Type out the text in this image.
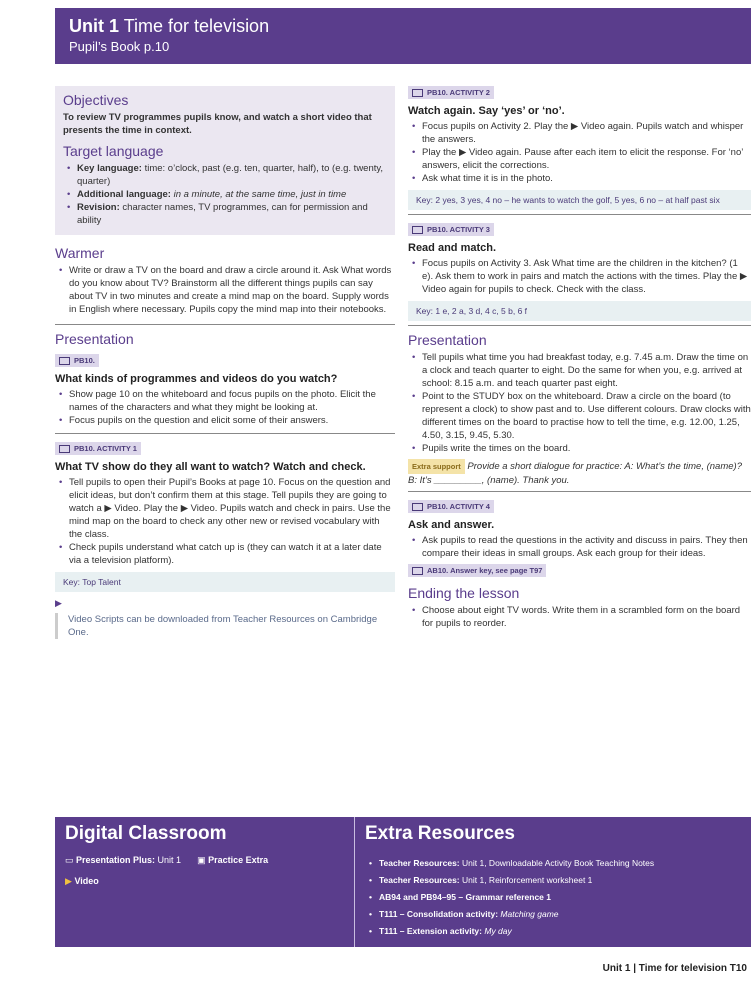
Unit 1 Time for television
Pupil’s Book p.10
Objectives

To review TV programmes pupils know, and watch a short video that presents the time in context.

Target language
• Key language: time: o’clock, past (e.g. ten, quarter, half), to (e.g. twenty, quarter)
• Additional language: in a minute, at the same time, just in time
• Revision: character names, TV programmes, can for permission and ability
Warmer
• Write or draw a TV on the board and draw a circle around it. Ask What words do you know about TV? Brainstorm all the different things pupils can say about TV in two minutes and create a mind map on the board. Supply words in English where necessary. Pupils copy the mind map into their notebooks.
Presentation
PB10.
What kinds of programmes and videos do you watch?
• Show page 10 on the whiteboard and focus pupils on the photo. Elicit the names of the characters and what they might be looking at.
• Focus pupils on the question and elicit some of their answers.
PB10. ACTIVITY 1
What TV show do they all want to watch? Watch and check.
• Tell pupils to open their Pupil’s Books at page 10. Focus on the question and elicit ideas, but don’t confirm them at this stage. Tell pupils they are going to watch a ▶ Video. Play the ▶ Video. Pupils watch and check in pairs. Use the mind map on the board to check any other new or revised vocabulary with the class.
• Check pupils understand what catch up is (they can watch it at a later date via a television platform).
Key: Top Talent
▶
Video Scripts can be downloaded from Teacher Resources on Cambridge One.
PB10. ACTIVITY 2
Watch again. Say ‘yes’ or ‘no’.
• Focus pupils on Activity 2. Play the ▶ Video again. Pupils watch and whisper the answers.
• Play the ▶ Video again. Pause after each item to elicit the response. For ‘no’ answers, elicit the corrections.
• Ask what time it is in the photo.
Key: 2 yes, 3 yes, 4 no – he wants to watch the golf, 5 yes, 6 no – at half past six
PB10. ACTIVITY 3
Read and match.
• Focus pupils on Activity 3. Ask What time are the children in the kitchen? (1 e). Ask them to work in pairs and match the actions with the times. Play the ▶ Video again for pupils to check. Check with the class.
Key: 1 e, 2 a, 3 d, 4 c, 5 b, 6 f
Presentation
• Tell pupils what time you had breakfast today, e.g. 7.45 a.m. Draw the time on a clock and teach quarter to eight. Do the same for when you, e.g. arrived at school: 8.15 a.m. and teach quarter past eight.
• Point to the STUDY box on the whiteboard. Draw a circle on the board (to represent a clock) to show past and to. Use different colours. Draw clocks with different times on the board to practise how to tell the time, e.g. 12.00, 1.25, 4.50, 3.15, 9.45, 5.30.
• Pupils write the times on the board.

Extra support Provide a short dialogue for practice: A: What’s the time, (name)? B: It’s _________, (name). Thank you.

PB10. ACTIVITY 4
Ask and answer.
• Ask pupils to read the questions in the activity and discuss in pairs. They then compare their ideas in small groups. Ask each group for their ideas.
AB10. Answer key, see page T97
Ending the lesson
• Choose about eight TV words. Write them in a scrambled form on the board for pupils to reorder.
Digital Classroom
▭ Presentation Plus: Unit 1 ▣ Practice Extra
▶ Video
Extra Resources
• Teacher Resources: Unit 1, Downloadable Activity Book Teaching Notes
• Teacher Resources: Unit 1, Reinforcement worksheet 1
• AB94 and PB94–95 – Grammar reference 1
• T111 – Consolidation activity: Matching game
• T111 – Extension activity: My day
Unit 1 | Time for television T10
